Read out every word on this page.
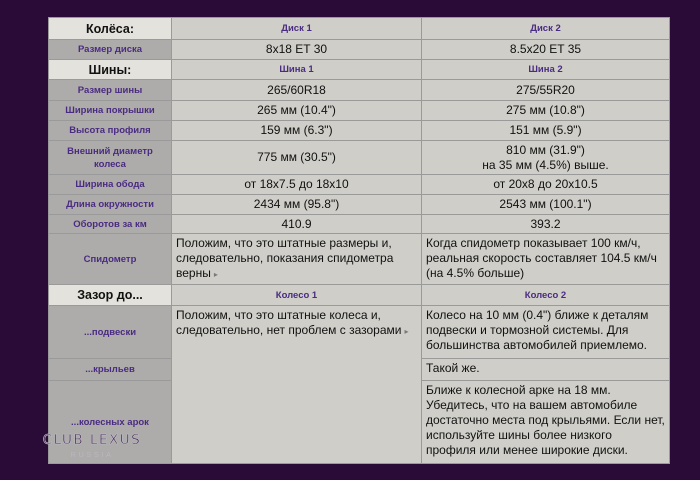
Колёса:	Диск 1	Диск 2
Размер диска	8x18 ET 30	8.5x20 ET 35
Шины:	Шина 1	Шина 2
Размер шины	265/60R18	275/55R20
Ширина покрышки	265 мм (10.4")	275 мм (10.8")
Высота профиля	159 мм (6.3")	151 мм (5.9")
Внешний диаметр колеса	775 мм (30.5")	810 мм (31.9")
на 35 мм (4.5%) выше.

Ширина обода	от 18x7.5 до 18x10	от 20x8 до 20x10.5
Длина окружности	2434 мм (95.8")	2543 мм (100.1")
Оборотов за км	410.9	393.2
Спидометр	Положим, что это штатные размеры и, следовательно, показания спидометра верны ▸	Когда спидометр показывает 100 км/ч, реальная скорость составляет 104.5 км/ч (на 4.5% больше)
Зазор до...	Колесо 1	Колесо 2
...подвески	Положим, что это штатные колеса и, следовательно, нет проблем с зазорами ▸	Колесо на 10 мм (0.4") ближе к деталям подвески и тормозной системы. Для большинства автомобилей приемлемо.
...крыльев		Такой же.
...колесных арок		Ближе к колесной арке на 18 мм. Убедитесь, что на вашем автомобиле достаточно места под крыльями. Если нет, используйте шины более низкого профиля или менее широкие диски.
CLUB LEXUS
RUSSIA
